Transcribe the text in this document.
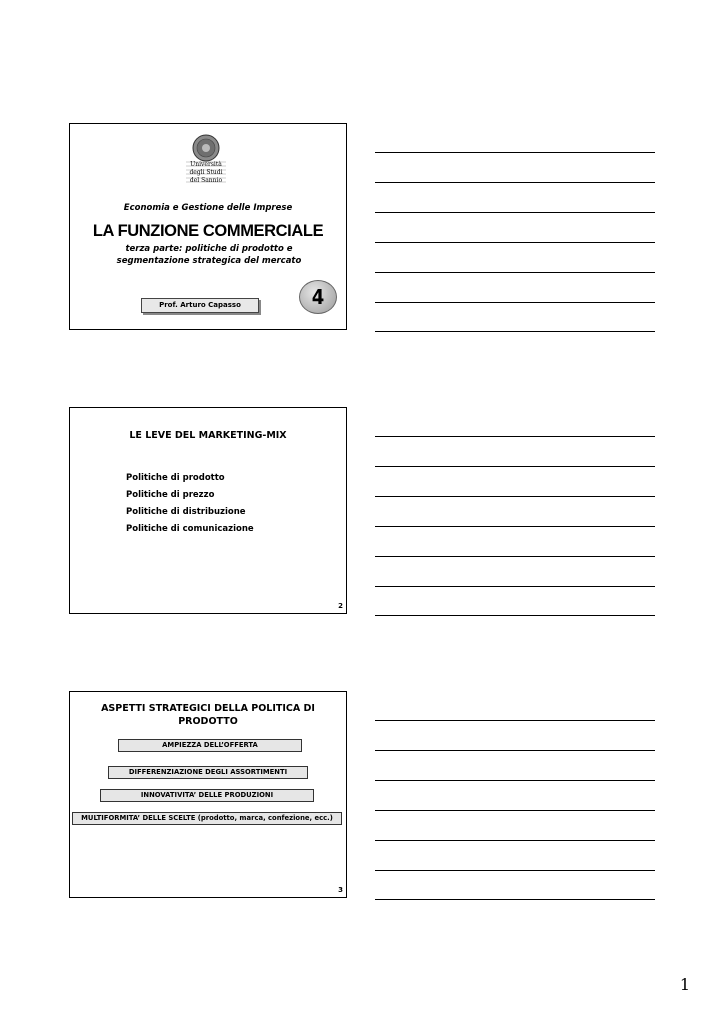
Università
degli Studi
del Sannio
Economia e Gestione delle Imprese
LA FUNZIONE COMMERCIALE
terza parte: politiche di prodotto e segmentazione strategica del mercato
Prof. Arturo Capasso	4
LE LEVE DEL MARKETING-MIX
Politiche di prodotto
Politiche di prezzo
Politiche di distribuzione
Politiche di comunicazione
2
ASPETTI STRATEGICI DELLA POLITICA DI PRODOTTO
AMPIEZZA DELL’OFFERTA
DIFFERENZIAZIONE DEGLI ASSORTIMENTI
INNOVATIVITA’ DELLE PRODUZIONI
MULTIFORMITA’ DELLE SCELTE (prodotto, marca, confezione, ecc.)
3
1
